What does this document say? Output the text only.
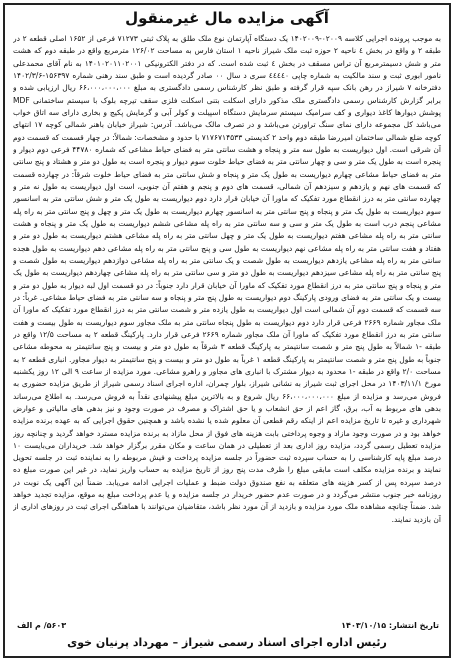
آگهی مزایده مال غیرمنقول
به موجب پرونده اجرایی کلاسه ۰۲۰۰۹-۱۴۰۲۰۰۹ یک دستگاه آپارتمان نوع ملک طلق به پلاک ثبتی ۷۱۲۷۳ فرعی از ۱۶۵۲ اصلی قطعه ۲ در طبقه ۲ و واقع در بخش ٤ ناحیه ۲ حوزه ثبت ملک شیراز ناحیه ۱ استان فارس به مساحت ۱۲۶/۰۲ مترمربع واقع در طبقه دوم که هشت متر و شش دسیمترمربع آن تراس مسقف در بخش ٤ ثبت شده است. که در دفتر الکترونیکی ۱۴۰۱۰۲۰۱۱۰۲۰۰۱ به نام آقای محمدعلی نامور ابوری ثبت و سند مالکیت به شماره چاپی ٤٤٤٤۰ سری د سال ۰۰ صادر گردیده است و طبق سند رهنی شماره ۱۵۶۳۹۷-۱۴۰۲/۳/۶ دفترخانه ۷ شیراز در رهن بانک سپه قرار گرفته و طبق نظر کارشناس رسمی دادگستری به مبلغ ۶۶،۰۰۰،۰۰۰،۰۰۰ ریال ارزیابی شده و برابر گزارش کارشناس رسمی دادگستری ملک مذکور دارای اسکلت بتنی اسکلت فلزی سقف تیرچه بلوک با سیستم ساختمانی MDF پوشش دیوارها کاغذ دیواری و کف سرامیک سیستم سرمایش دستگاه اسپیلت و کولر آبی و گرمایش پکیج و بخاری دارای سه اتاق خواب می‌باشد کل مجموعه دارای نمای سنگ تراورتن می‌باشد و در تصرف مالک می‌باشد. آدرس: شیراز خیابان باهنر شمالی کوچه ۱۷ انتهای کوچه ضلع شمالی ساختمان امیررضا طبقه دوم واحد ۲ کدپستی ۷۱۷۶۷۱۴۵۳۳ با حدود و مشخصات: شمالاً: در چهار قسمت که قسمت دوم آن شرقی است. اول دیواریست به طول سه متر و پنجاه و هشت سانتی متر به فضای حیاط مشاعی که شماره ۴۴۷۸۰ فرعی دوم دیوار و پنجره است به طول یک متر و سی و چهار سانتی متر به فضای حیاط خلوت سوم دیوار و پنجره است به طول دو متر و هشتاد و پنج سانتی متر به فضای حیاط مشاعی چهارم دیواریست به طول یک متر و پنجاه و شش سانتی متر به فضای حیاط خلوت شرقاً: در چهارده قسمت که قسمت های نهم و یازدهم و سیزدهم آن شمالی، قسمت های دوم و پنجم و هفتم آن جنوبی، است اول دیواریست به طول نه متر و چهارده سانتی متر به درز انقطاع مورد تفکیک که ماورا آن خیابان قرار دارد دوم دیواریست به طول یک متر و شش سانتی متر به اسانسور سوم دیواریست به طول یک متر و پنجاه و پنج سانتی متر به اسانسور چهارم دیواریست به طول یک متر و چهل و پنج سانتی متر به راه پله مشاعی پنجم درب است به طول یک متر و سی و سه سانتی متر به راه پله مشاعی ششم دیواریست به طول یک متر و پنجاه و هشت سانتی متر به راه پله مشاعی هفتم دیواریست به طول یک متر و چهل سانتی متر به راه پله مشاعی هشتم دیواریست به طول دو متر و هفتاد و هفت سانتی متر به راه پله مشاعی نهم دیواریست به طول سی و پنج سانتی متر به راه پله مشاعی دهم دیواریست به طول هجده سانتی متر به راه پله مشاعی یازدهم دیواریست به طول شصت و یک سانتی متر به راه پله مشاعی دوازدهم دیواریست به طول شصت و پنج سانتی متر به راه پله مشاعی سیزدهم دیواریست به طول دو متر و سی سانتی متر به راه پله مشاعی چهاردهم دیواریست به طول یک متر و پنجاه و پنج سانتی متر به درز انقطاع مورد تفکیک که ماورا آن خیابان قرار دارد جنوباً: در دو قسمت اول لبه دیوار به طول دو متر و بیست و یک سانتی متر به فضای ورودی پارکینگ دوم دیواریست به طول پنج متر و پنجاه و سه سانتی متر به فضای حیاط مشاعی. غرباً: در سه قسمت که قسمت دوم آن شمالی است اول دیواریست به طول یازده متر و شصت سانتی متر به درز انقطاع مورد تفکیک که ماورا آن ملک مجاور شماره ۲۶۶۹ فرعی قرار دارد دوم دیواریست به طول پنجاه سانتی متر به ملک مجاور سوم دیواریست به طول بیست و هفت سانتی متر به درز انقطاع مورد تفکیک که ماورا آن ملک مجاور شماره ۲۶۶۹ فرعی قرار دارد. پارکینگ قطعه ۲ به مساحت ۱۲/۵ واقع در طبقه -۱ شمالاً به طول پنج متر و شصت سانتیمتر به پارکینگ قطعه ۳ شرقاً به طول دو متر و بیست و پنج سانتیمتر به محوطه مشاعی جنوباً به طول پنج متر و شصت سانتیمتر به پارکینگ قطعه ۱ غرباً به طول دو متر و بیست و پنج سانتیمتر به دیوار مجاور. انباری قطعه ۲ به مساحت ۲/۰ واقع در طبقه -۱ محدود به دیوار مشترک با انباری های مجاور و راهرو مشاعی. مورد مزایده از ساعت ۹ الی ۱۲ روز یکشنبه مورخ ۱۴۰۳/۱۱/۱ در محل اجرای ثبت شیراز به نشانی شیراز، بلوار چمران، اداره اجرای اسناد رسمی شیراز از طریق مزایده حضوری به فروش می‌رسد و مزایده از مبلغ ۶۶،۰۰۰،۰۰۰،۰۰۰ ریال شروع و به بالاترین مبلغ پیشنهادی نقداً به فروش می‌رسد. به اطلاع می‌رساند بدهی های مربوط به آب، برق، گاز اعم از حق انشعاب و یا حق اشتراک و مصرف در صورت وجود و نیز بدهی های مالیاتی و عوارض شهرداری و غیره تا تاریخ مزایده اعم از اینکه رقم قطعی آن معلوم شده یا نشده باشد و همچنین حقوق اجرایی که به عهده برنده مزایده خواهد بود و در صورت وجود مازاد و وجوه پرداختی بابت هزینه های فوق از محل مازاد به برنده مزایده مسترد خواهد گردید و چنانچه روز مزایده تعطیل رسمی گردد، مزایده روز اداری بعد از تعطیلی در همان ساعت و مکان مقرر برگزار خواهد شد. خریداران می‌بایست ۱۰ درصد مبلغ پایه کارشناسی را به حساب سپرده ثبت حضوراً در جلسه مزایده پرداخت و فیش مربوطه را به نماینده ثبت در جلسه تحویل نمایند و برنده مزایده مکلف است مابقی مبلغ را ظرف مدت پنج روز از تاریخ مزایده به حساب واریز نماید، در غیر این صورت مبلغ ده درصد سپرده پس از کسر هزینه های متعلقه به نفع صندوق دولت ضبط و عملیات اجرایی ادامه می‌یابد. ضمناً این آگهی یک نوبت در روزنامه خبر جنوب منتشر می‌گردد و در صورت عدم حضور خریدار در جلسه مزایده و یا عدم پرداخت مبلغ به موقع، مزایده تجدید خواهد شد. ضمناً چنانچه مشاهده ملک مورد مزایده و بازدید از آن مورد نظر باشد، متقاضیان می‌توانند با هماهنگی اجرای ثبت در روزهای اداری از آن بازدید نمایند.
تاریخ انتشار: ۱۴۰۳/۱۰/۱۵
۵۶۰۳/ م الف
رئیس اداره اجرای اسناد رسمی شیراز – مهرداد پرنیان خوی
